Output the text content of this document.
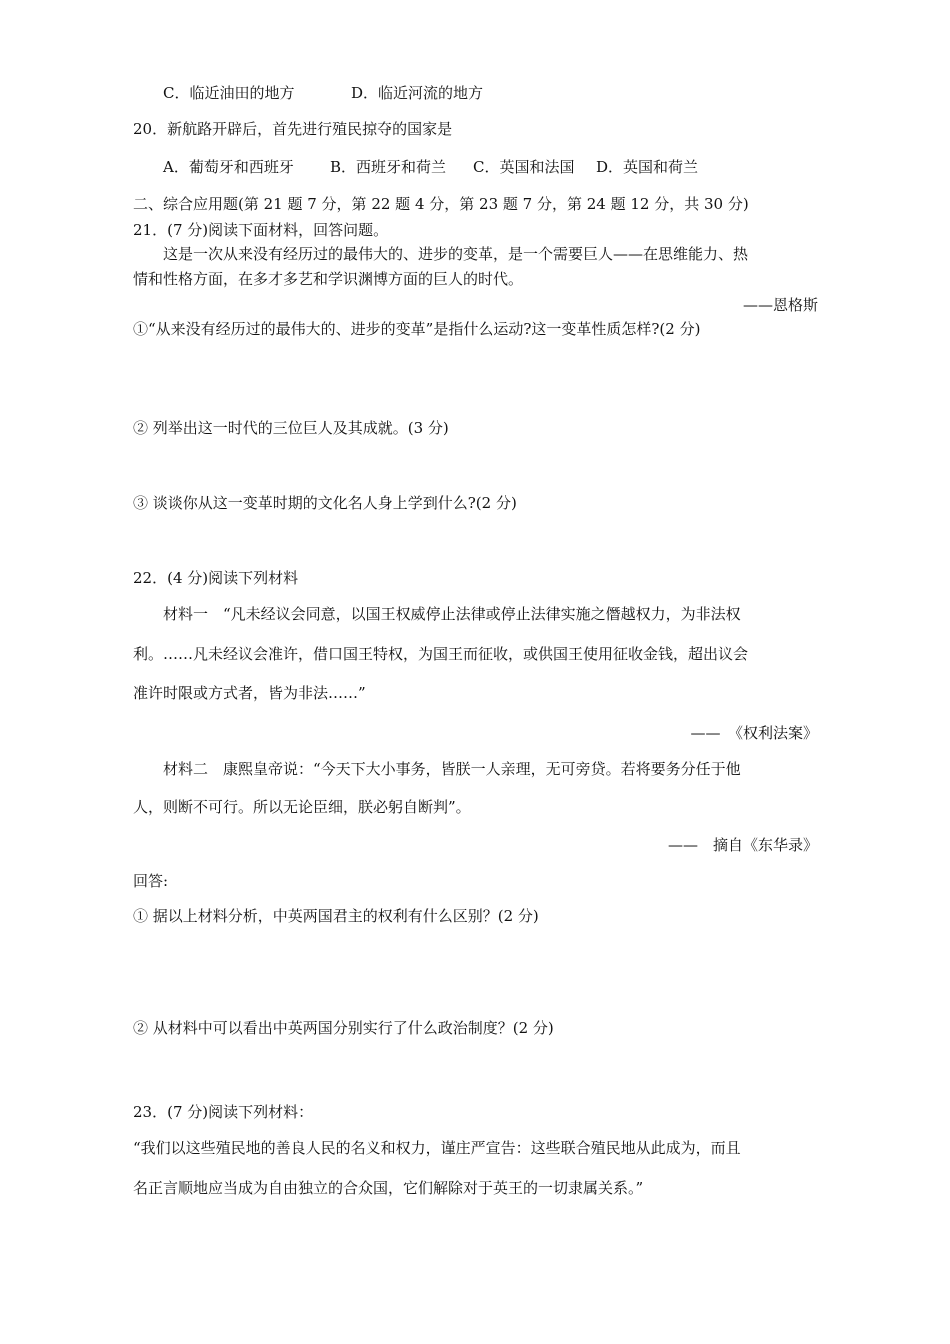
C．临近油田的地方	D．临近河流的地方
20．新航路开辟后，首先进行殖民掠夺的国家是
A．葡萄牙和西班牙 B．西班牙和荷兰 C．英国和法国 D．英国和荷兰
二、综合应用题(第 21 题 7 分，第 22 题 4 分，第 23 题 7 分，第 24 题 12 分，共 30 分)
21．(7 分)阅读下面材料，回答问题。
这是一次从来没有经历过的最伟大的、进步的变革，是一个需要巨人——在思维能力、热
情和性格方面，在多才多艺和学识渊博方面的巨人的时代。
——恩格斯
①“从来没有经历过的最伟大的、进步的变革”是指什么运动?这一变革性质怎样?(2 分)
② 列举出这一时代的三位巨人及其成就。(3 分)
③ 谈谈你从这一变革时期的文化名人身上学到什么?(2 分)
22．(4 分)阅读下列材料
材料一　“凡未经议会同意，以国王权威停止法律或停止法律实施之僭越权力，为非法权
利。……凡未经议会准许，借口国王特权，为国王而征收，或供国王使用征收金钱，超出议会
准许时限或方式者，皆为非法……”
——　《权利法案》
材料二　康熙皇帝说：“今天下大小事务，皆朕一人亲理，无可旁贷。若将要务分任于他
人，则断不可行。所以无论臣细，朕必躬自断判”。
——　摘自《东华录》
回答:
① 据以上材料分析，中英两国君主的权利有什么区别？(2 分)
② 从材料中可以看出中英两国分别实行了什么政治制度？(2 分)
23．(7 分)阅读下列材料：
“我们以这些殖民地的善良人民的名义和权力，谨庄严宣告：这些联合殖民地从此成为，而且
名正言顺地应当成为自由独立的合众国，它们解除对于英王的一切隶属关系。”
